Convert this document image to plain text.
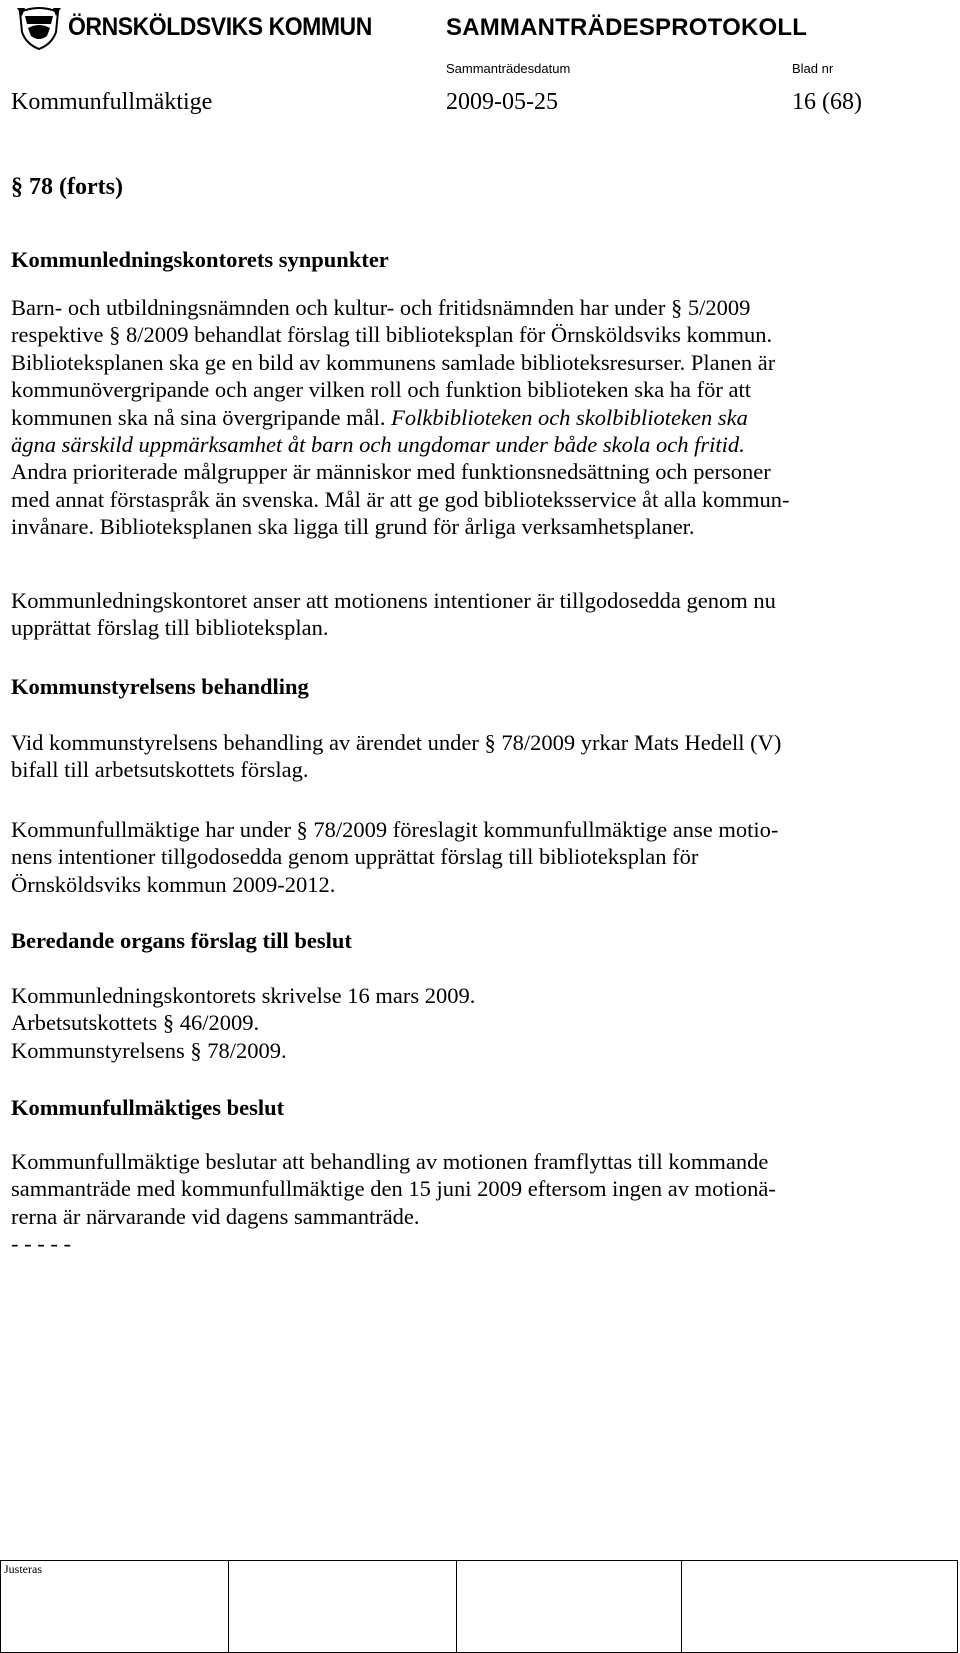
ÖRNSKÖLDSVIKS KOMMUN	SAMMANTRÄDESPROTOKOLL
Sammanträdesdatum	Blad nr
Kommunfullmäktige	2009-05-25	16 (68)
§ 78 (forts)
Kommunledningskontorets synpunkter
Barn- och utbildningsnämnden och kultur- och fritidsnämnden har under § 5/2009
respektive § 8/2009 behandlat förslag till biblioteksplan för Örnsköldsviks kommun.
Biblioteksplanen ska ge en bild av kommunens samlade biblioteksresurser. Planen är
kommunövergripande och anger vilken roll och funktion biblioteken ska ha för att
kommunen ska nå sina övergripande mål. Folkbiblioteken och skolbiblioteken ska
ägna särskild uppmärksamhet åt barn och ungdomar under både skola och fritid.
Andra prioriterade målgrupper är människor med funktionsnedsättning och personer
med annat förstaspråk än svenska. Mål är att ge god biblioteksservice åt alla kommun-
invånare. Biblioteksplanen ska ligga till grund för årliga verksamhetsplaner.
Kommunledningskontoret anser att motionens intentioner är tillgodosedda genom nu
upprättat förslag till biblioteksplan.
Kommunstyrelsens behandling
Vid kommunstyrelsens behandling av ärendet under § 78/2009 yrkar Mats Hedell (V)
bifall till arbetsutskottets förslag.
Kommunfullmäktige har under § 78/2009 föreslagit kommunfullmäktige anse motio-
nens intentioner tillgodosedda genom upprättat förslag till biblioteksplan för
Örnsköldsviks kommun 2009-2012.
Beredande organs förslag till beslut
Kommunledningskontorets skrivelse 16 mars 2009.
Arbetsutskottets § 46/2009.
Kommunstyrelsens § 78/2009.
Kommunfullmäktiges beslut
Kommunfullmäktige beslutar att behandling av motionen framflyttas till kommande
sammanträde med kommunfullmäktige den 15 juni 2009 eftersom ingen av motionä-
rerna är närvarande vid dagens sammanträde.
- - - - -
Justeras
